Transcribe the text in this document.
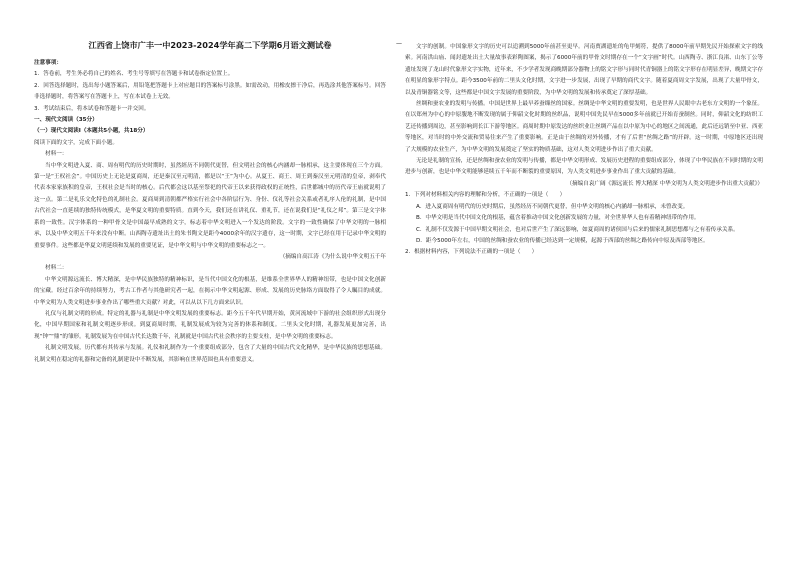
—
江西省上饶市广丰一中2023-2024学年高二下学期6月语文测试卷

注意事项：

1．答卷前，考生务必将自己的姓名、考生号等填写在答题卡和试卷指定位置上。

2．回答选择题时，选出每小题答案后，用铅笔把答题卡上对应题目的答案标号涂黑。如需改动，用橡皮擦干净后，再选涂其他答案标号。回答非选择题时，将答案写在答题卡上，写在本试卷上无效。

3．考试结束后，将本试卷和答题卡一并交回。

一、现代文阅读（35分）

（一）现代文阅读Ⅰ（本题共5小题，共18分）

阅读下面的文字，完成下面小题。

材料一：

当中华文明进入夏、商、周有明代的历史时期时，虽然經历不同朝代更替，但文明社会的核心内涵却一脉相承，这主要体现在三个方面。第一是“王权社会”。中国历史上无论是夏商周，还是秦汉至元明清，都是以“王”为中心。从夏王、商王、周王到秦汉至元明清的皇帝，剥奉代代表本家家族积的皇帝，王权社会是当时的核心。后代都会这以基至祭祀的代帝王以来获得政权的正统性，后世都城中的历代帝王庙就说明了这一点。第二是礼乐文化特色的礼制社会。夏商周到清朝都严格实行社会中各阶层行为、身份、仪礼等社会关系或者礼序人伦的礼制，是中国古代社会一直延续的独特传统模式，是华夏文明的重要特质。直到今天，我们还在讲礼仪、重礼节，还在说我们是“礼仪之邦”。第三是文字体系的一致性。汉字体系的一种甲骨文是中国最早成熟的文字，标志着中华文明进入一个发达的阶段。文字的一致性确保了中华文明的一脉相承，以及中华文明五千年来没有中断。山西陶寺遗址出土的朱书陶文是距今4000余年的汉字遗存，这一时期，文字已经在用于记录中华文明的重要事件。这些都是华夏文明延续和发展的重要见证，是中华文明与中华文明的重要标志之一。

（摘编自高江涛《为什么说中华文明五千年

材料二：

中华文明源远流长、博大精深，是中华民族独特的精神标识，是当代中国文化的根基，是维系全世界华人的精神纽带，也是中国文化创新的宝藏。经过百余年的持续努力，考古工作者与其他研究者一起，在揭示中华文明起源、形成、发展的历史脉络方面取得了令人瞩目的成就。中华文明为人类文明进步事业作出了哪些重大贡献？对此，可以从以下几方面来认识。

礼仪与礼制文明的形成。特定的礼器与礼制是中华文明发展的重要标志。距今五千年代早期开始，黄河流域中下游的社会组织形式出现分化，中国早期国家和礼制文明逐步形成。到夏商周时期，礼制发展成为较为完善的体系和制度。二里头文化时期，礼器发展更加完善，出现“钟”“鼎”的雏形。礼制发展为在中国古代长达数千年，礼制就是中国古代社会秩序的主要支柱，是中华文明的重要标志。

礼制文明发展，历代都有其传承与发展。礼仪和礼制作为一个重要组成部分，包含了大量的中国古代文化精华，是中华民族的思想基础。礼制文明在稳定的礼器和完备的礼制建设中不断发展，其影响在世界范围也具有重要意义。

文字的创制。中国象形文字的历史可以追溯到5000年前甚至更早。河南贾湖遗址的龟甲刻符，提供了8000年前早期先民开始探索文字的线索。河南洪山庙、闻封遗址出土大量故事表彩陶图案，揭示了6000年前的甲骨文时期存在一个“文字画”时代。山西陶寺、浙江良渚、山东丁公等遗址发现了龙山时代象形文字实物，近年来，不少学者发现商晚期部分器物上的铭文字形与同时代青铜器上的铭文字形存在明显差异，晚期文字存在明显的象形字特点。距今3500年前的二里头文化时期，文字进一步发展，出现了早期的商代文字。随着夏商周文字发展，出现了大量甲骨文，以及青铜器铭文等，这些都是中国文字发展的重要阶段，为中华文明的发展和传承奠定了深厚基础。

丝绸和蚕农业的发明与传播。中国是世界上最早养蚕缫丝的国家。丝绸是中华文明的重要发明，也是世界人民眼中古老东方文明的一个象征。在以郑州为中心的中原腹地不断发现的属于仰韶文化时期的丝织品，说明中国先民早在5000多年前就已开始育蚕制丝。同时，仰韶文化的纺织工艺还传播到周边，甚至影响到长江下游等地区。商周时期中原发达的丝织业让丝绸产品在以中原为中心的地区之间流通，此后还远销至中亚、西亚等地区，对当时的中外交流和贸易往来产生了重要影响。正是由于丝绸的对外传播，才有了后世“丝绸之路”的开辟。这一时期，中原地区还出现了大规模的农业生产，为中华文明的发展奠定了坚实的物质基础，这对人类文明进步作出了重大贡献。

无论是礼制的宣扬，还是丝绸和蚕农业的发明与传播，都是中华文明形成、发展历史进程的重要组成部分，体现了中华民族在不同时期的文明进步与创新，也是中华文明能够延续五千年而不断裂的重要原因，为人类文明进步事业作出了重大贡献的基础。

（摘编自袁广阔《源远流长 博大精深 中华文明为人类文明进步作出重大贡献》）

1．下列对材料相关内容的理解和分析，不正确的一项是（　　）

A．进入夏商周有明代的历史时期后，虽然经历不同朝代更替，但中华文明的核心内涵却一脉相承，未曾改变。

B．中华文明是当代中国文化的根基，蕴含着推动中国文化创新发展的力量，对全世界华人也有着精神纽带的作用。

C．礼制不仅发源于中国早期文明社会，也对后世产生了深远影响，如夏商周的诸侯国与后来的儒家礼制思想都与之有着传承关系。

D．距今5000年左右，中国的丝绸和蚕农业的传播已经达到一定规模，起源于西部的丝绸之路传向中原及西部等地区。

2．根据材料内容，下列说法不正确的一项是（　　）
